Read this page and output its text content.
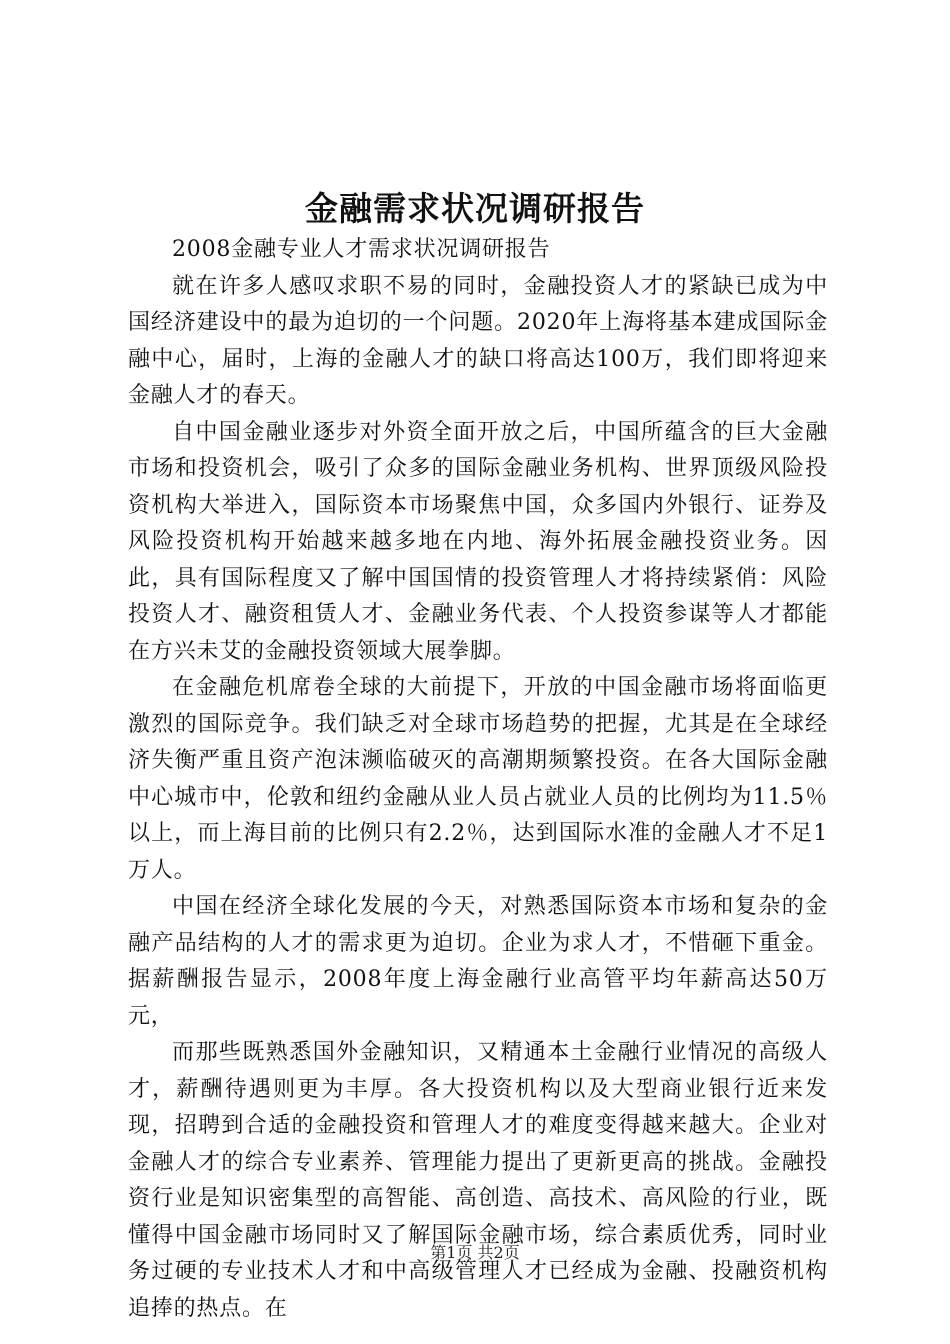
金融需求状况调研报告

2008金融专业人才需求状况调研报告

就在许多人感叹求职不易的同时，金融投资人才的紧缺已成为中国经济建设中的最为迫切的一个问题。2020年上海将基本建成国际金融中心，届时，上海的金融人才的缺口将高达100万，我们即将迎来金融人才的春天。

自中国金融业逐步对外资全面开放之后，中国所蕴含的巨大金融市场和投资机会，吸引了众多的国际金融业务机构、世界顶级风险投资机构大举进入，国际资本市场聚焦中国，众多国内外银行、证券及风险投资机构开始越来越多地在内地、海外拓展金融投资业务。因此，具有国际程度又了解中国国情的投资管理人才将持续紧俏：风险投资人才、融资租赁人才、金融业务代表、个人投资参谋等人才都能在方兴未艾的金融投资领域大展拳脚。

在金融危机席卷全球的大前提下，开放的中国金融市场将面临更激烈的国际竞争。我们缺乏对全球市场趋势的把握，尤其是在全球经济失衡严重且资产泡沫濒临破灭的高潮期频繁投资。在各大国际金融中心城市中，伦敦和纽约金融从业人员占就业人员的比例均为11.5％以上，而上海目前的比例只有2.2％，达到国际水准的金融人才不足1万人。

中国在经济全球化发展的今天，对熟悉国际资本市场和复杂的金融产品结构的人才的需求更为迫切。企业为求人才，不惜砸下重金。据薪酬报告显示，2008年度上海金融行业高管平均年薪高达50万元，

而那些既熟悉国外金融知识，又精通本土金融行业情况的高级人才，薪酬待遇则更为丰厚。各大投资机构以及大型商业银行近来发现，招聘到合适的金融投资和管理人才的难度变得越来越大。企业对金融人才的综合专业素养、管理能力提出了更新更高的挑战。金融投资行业是知识密集型的高智能、高创造、高技术、高风险的行业，既懂得中国金融市场同时又了解国际金融市场，综合素质优秀，同时业务过硬的专业技术人才和中高级管理人才已经成为金融、投融资机构追捧的热点。在

第1页 共2页
